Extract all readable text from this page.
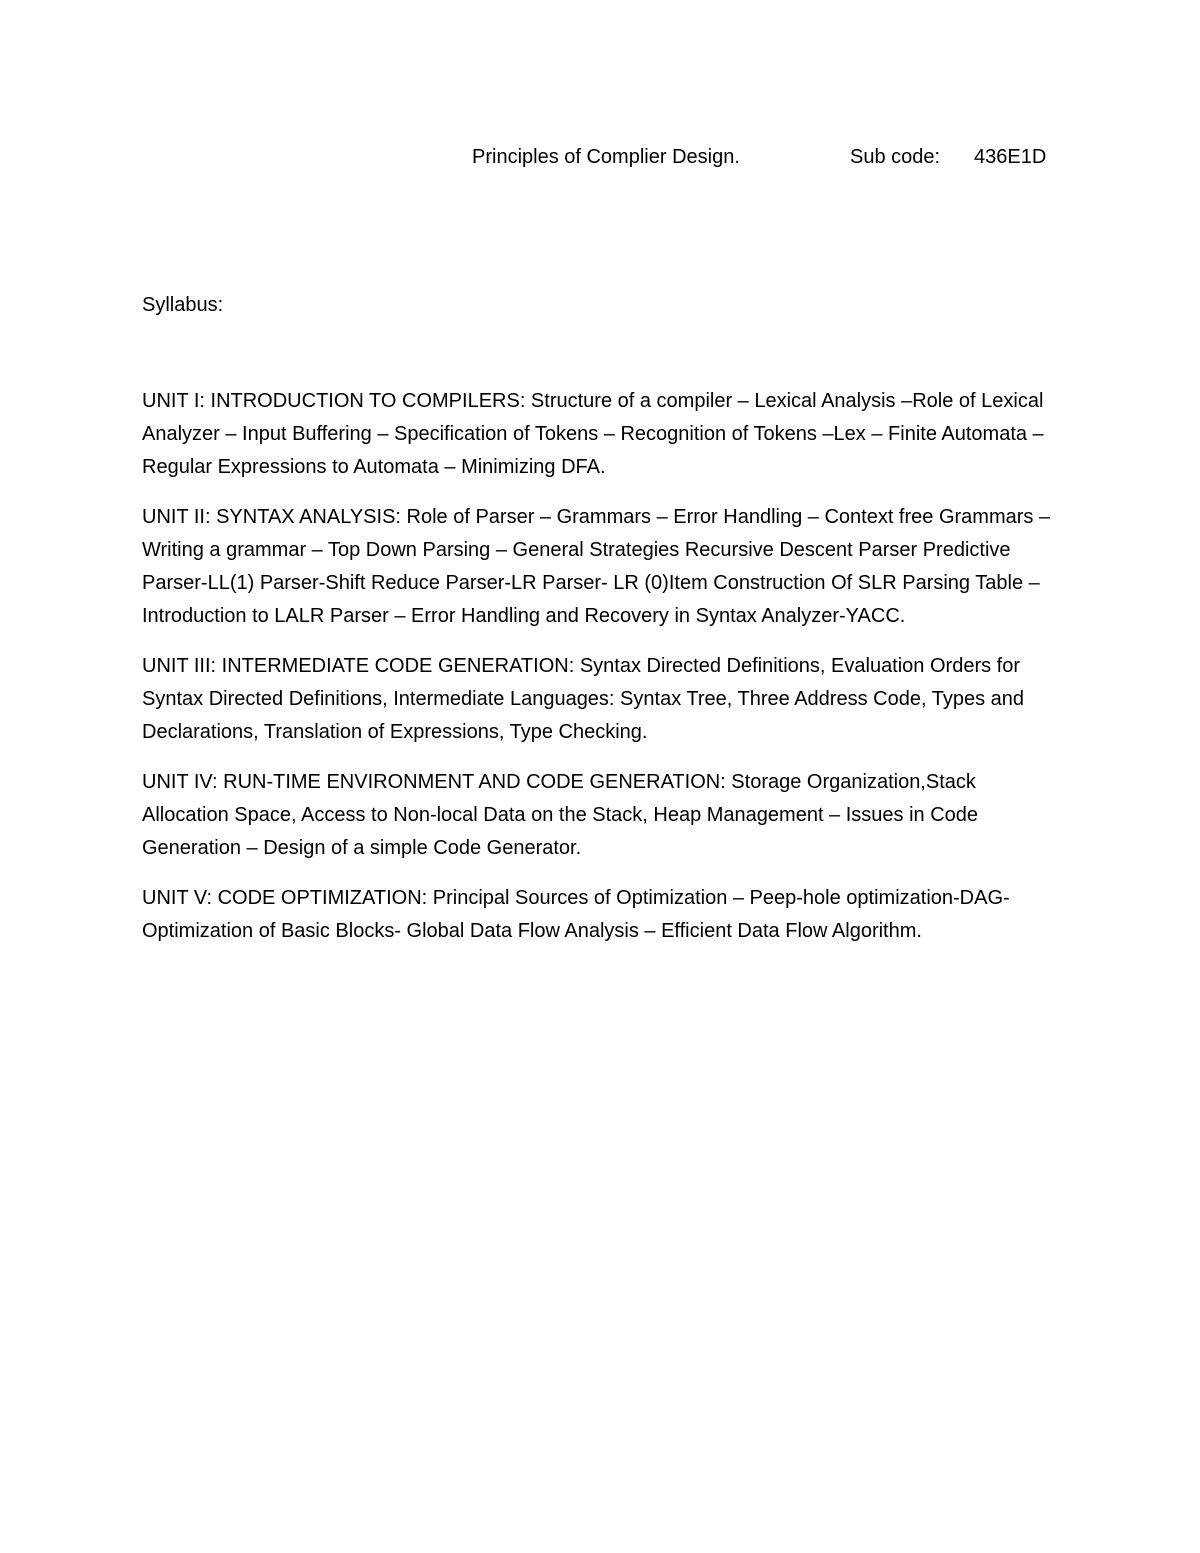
Principles of Complier Design.	Sub code: 436E1D
Syllabus:

UNIT I: INTRODUCTION TO COMPILERS: Structure of a compiler – Lexical Analysis –Role of Lexical Analyzer – Input Buffering – Specification of Tokens – Recognition of Tokens –Lex – Finite Automata – Regular Expressions to Automata – Minimizing DFA.

UNIT II: SYNTAX ANALYSIS: Role of Parser – Grammars – Error Handling – Context free Grammars – Writing a grammar – Top Down Parsing – General Strategies Recursive Descent Parser Predictive Parser-LL(1) Parser-Shift Reduce Parser-LR Parser- LR (0)Item Construction Of SLR Parsing Table – Introduction to LALR Parser – Error Handling and Recovery in Syntax Analyzer-YACC.

UNIT III: INTERMEDIATE CODE GENERATION: Syntax Directed Definitions, Evaluation Orders for Syntax Directed Definitions, Intermediate Languages: Syntax Tree, Three Address Code, Types and Declarations, Translation of Expressions, Type Checking.

UNIT IV: RUN-TIME ENVIRONMENT AND CODE GENERATION: Storage Organization,Stack Allocation Space, Access to Non-local Data on the Stack, Heap Management – Issues in Code Generation – Design of a simple Code Generator.

UNIT V: CODE OPTIMIZATION: Principal Sources of Optimization – Peep-hole optimization-DAG- Optimization of Basic Blocks- Global Data Flow Analysis – Efficient Data Flow Algorithm.
